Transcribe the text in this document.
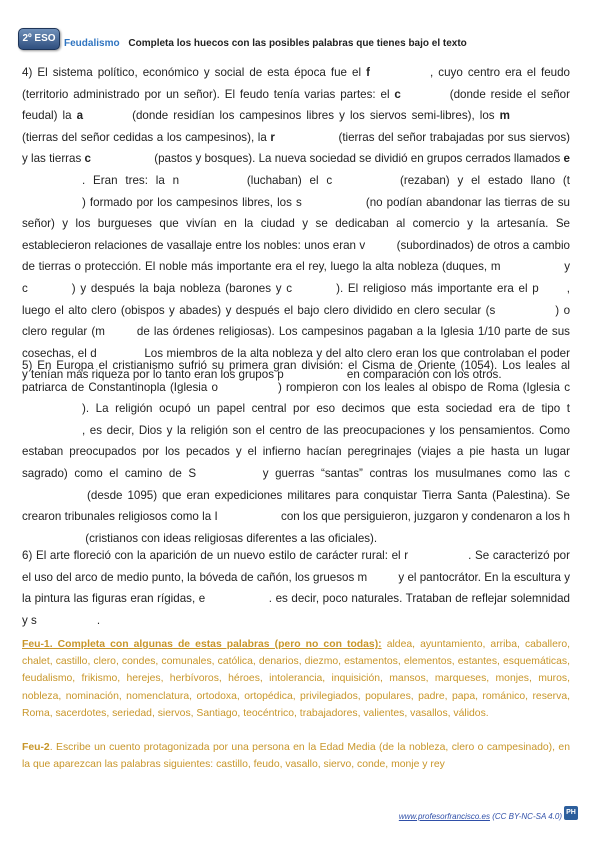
2º ESO Feudalismo Completa los huecos con las posibles palabras que tienes bajo el texto
4) El sistema político, económico y social de esta época fue el f	, cuyo centro era el feudo (territorio administrado por un señor). El feudo tenía varias partes: el c	(donde reside el señor feudal) la a	(donde residían los campesinos libres y los siervos semi-libres), los m (tierras del señor cedidas a los campesinos), la r	(tierras del señor trabajadas por sus siervos) y las tierras c	(pastos y bosques). La nueva sociedad se dividió en grupos cerrados llamados e. Eran tres: la n	(luchaban) el c	(rezaban) y el estado llano (t) formado por los campesinos libres, los s	(no podían abandonar las tierras de su señor) y los burgueses que vivían en la ciudad y se dedicaban al comercio y la artesanía. Se establecieron relaciones de vasallaje entre los nobles: unos eran v	(subordinados) de otros a cambio de tierras o protección. El noble más importante era el rey, luego la alta nobleza (duques, m	y c	) y después la baja nobleza (barones y c	). El religioso más importante era el p , luego el alto clero (obispos y abades) y después el bajo clero dividido en clero secular (s	) o clero regular (m	de las órdenes religiosas). Los campesinos pagaban a la Iglesia 1/10 parte de sus cosechas, el d	Los miembros de la alta nobleza y del alto clero eran los que controlaban el poder y tenían más riqueza por lo tanto eran los grupos p	en comparación con los otros.
5) En Europa el cristianismo sufrió su primera gran división: el Cisma de Oriente (1054). Los leales al patriarca de Constantinopla (Iglesia o	) rompieron con los leales al obispo de Roma (Iglesia c). La religión ocupó un papel central por eso decimos que esta sociedad era de tipo t, es decir, Dios y la religión son el centro de las preocupaciones y los pensamientos. Como estaban preocupados por los pecados y el infierno hacían peregrinajes (viajes a pie hasta un lugar sagrado) como el camino de S	y guerras “santas” contras los musulmanes como las c (desde 1095) que eran expediciones militares para conquistar Tierra Santa (Palestina). Se crearon tribunales religiosos como la I	con los que persiguieron, juzgaron y condenaron a los h (cristianos con ideas religiosas diferentes a las oficiales).
6) El arte floreció con la aparición de un nuevo estilo de carácter rural: el r	. Se caracterizó por el uso del arco de medio punto, la bóveda de cañón, los gruesos m	y el pantocrátor. En la escultura y la pintura las figuras eran rígidas, e	. es decir, poco naturales. Trataban de reflejar solemnidad y s	.
Feu-1. Completa con algunas de estas palabras (pero no con todas): aldea, ayuntamiento, arriba, caballero, chalet, castillo, clero, condes, comunales, católica, denarios, diezmo, estamentos, elementos, estantes, esquemáticas, feudalismo, frikismo, herejes, herbívoros, héroes, intolerancia, inquisición, mansos, marqueses, monjes, muros, nobleza, nominación, nomenclatura, ortodoxa, ortopédica, privilegiados, populares, padre, papa, románico, reserva, Roma, sacerdotes, seriedad, siervos, Santiago, teocéntrico, trabajadores, valientes, vasallos, válidos.
Feu-2. Escribe un cuento protagonizada por una persona en la Edad Media (de la nobleza, clero o campesinado), en la que aparezcan las palabras siguientes: castillo, feudo, vasallo, siervo, conde, monje y rey
www.profesorfrancisco.es (CC BY-NC-SA 4.0) PH
